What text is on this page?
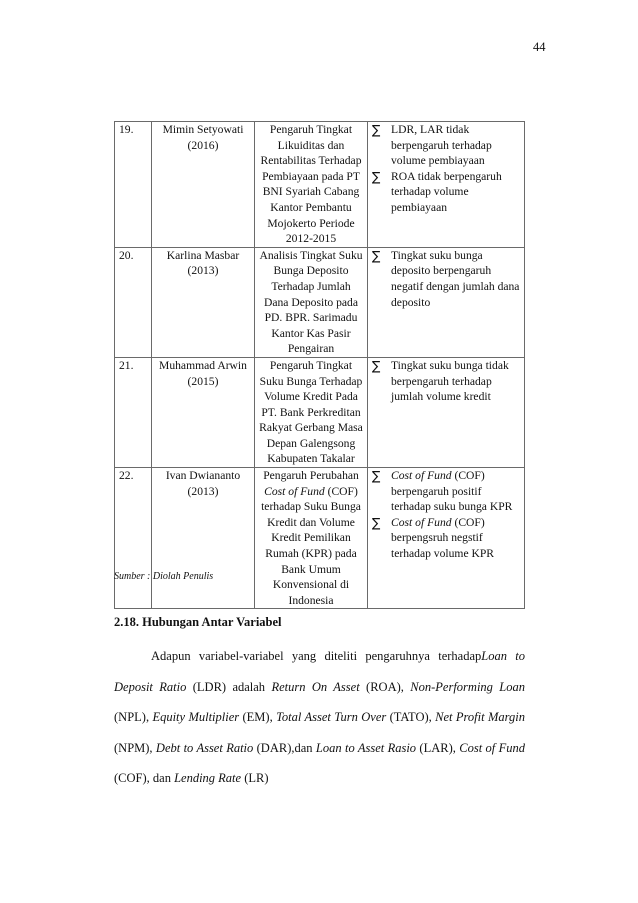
44
19.	Mimin Setyowati (2016)	Pengaruh Tingkat Likuiditas dan Rentabilitas Terhadap Pembiayaan pada PT BNI Syariah Cabang Kantor Pembantu Mojokerto Periode 2012-2015	∑ LDR, LAR tidak berpengaruh terhadap volume pembiayaan
∑ ROA tidak berpengaruh terhadap volume pembiayaan

20.	Karlina Masbar (2013)	Analisis Tingkat Suku Bunga Deposito Terhadap Jumlah Dana Deposito pada PD. BPR. Sarimadu Kantor Kas Pasir Pengairan	∑ Tingkat suku bunga deposito berpengaruh negatif dengan jumlah dana deposito

21.	Muhammad Arwin (2015)	Pengaruh Tingkat Suku Bunga Terhadap Volume Kredit Pada PT. Bank Perkreditan Rakyat Gerbang Masa Depan Galengsong Kabupaten Takalar	∑ Tingkat suku bunga tidak berpengaruh terhadap jumlah volume kredit

22.	Ivan Dwiananto (2013)	Pengaruh Perubahan Cost of Fund (COF) terhadap Suku Bunga Kredit dan Volume Kredit Pemilikan Rumah (KPR) pada Bank Umum Konvensional di Indonesia	∑ Cost of Fund (COF) berpengaruh positif terhadap suku bunga KPR
∑ Cost of Fund (COF) berpengsruh negstif terhadap volume KPR
Sumber : Diolah Penulis
2.18. Hubungan Antar Variabel

Adapun variabel-variabel yang diteliti pengaruhnya terhadapLoan to Deposit Ratio (LDR) adalah Return On Asset (ROA), Non-Performing Loan (NPL), Equity Multiplier (EM), Total Asset Turn Over (TATO), Net Profit Margin (NPM), Debt to Asset Ratio (DAR),dan Loan to Asset Rasio (LAR), Cost of Fund (COF), dan Lending Rate (LR)
